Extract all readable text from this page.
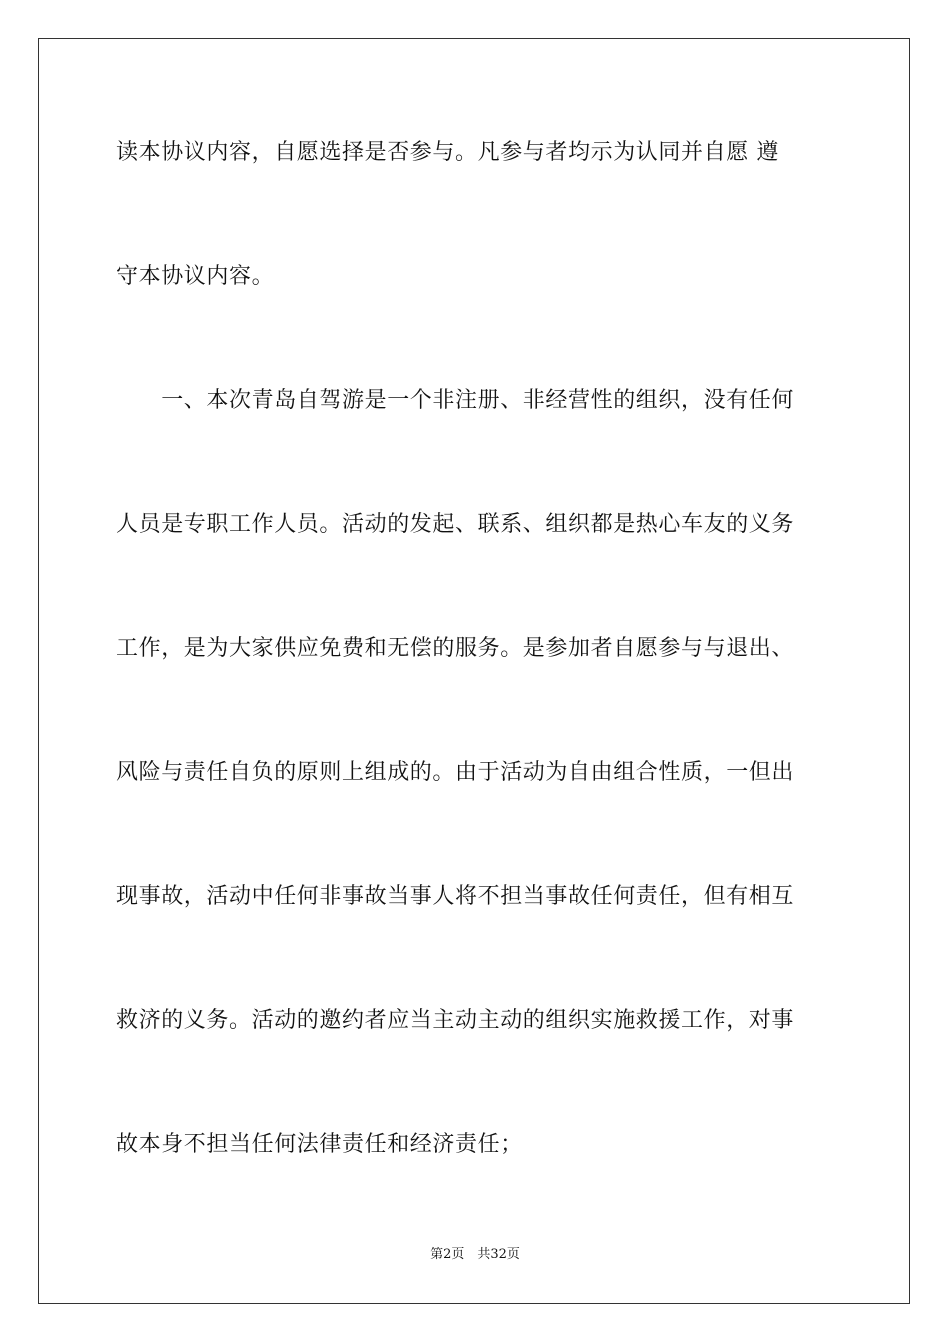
读本协议内容，自愿选择是否参与。凡参与者均示为认同并自愿 遵
守本协议内容。
　　一、本次青岛自驾游是一个非注册、非经营性的组织，没有任何
人员是专职工作人员。活动的发起、联系、组织都是热心车友的义务
工作，是为大家供应免费和无偿的服务。是参加者自愿参与与退出、
风险与责任自负的原则上组成的。由于活动为自由组合性质，一但出
现事故，活动中任何非事故当事人将不担当事故任何责任，但有相互
救济的义务。活动的邀约者应当主动主动的组织实施救援工作，对事
故本身不担当任何法律责任和经济责任；
第2页　共32页
